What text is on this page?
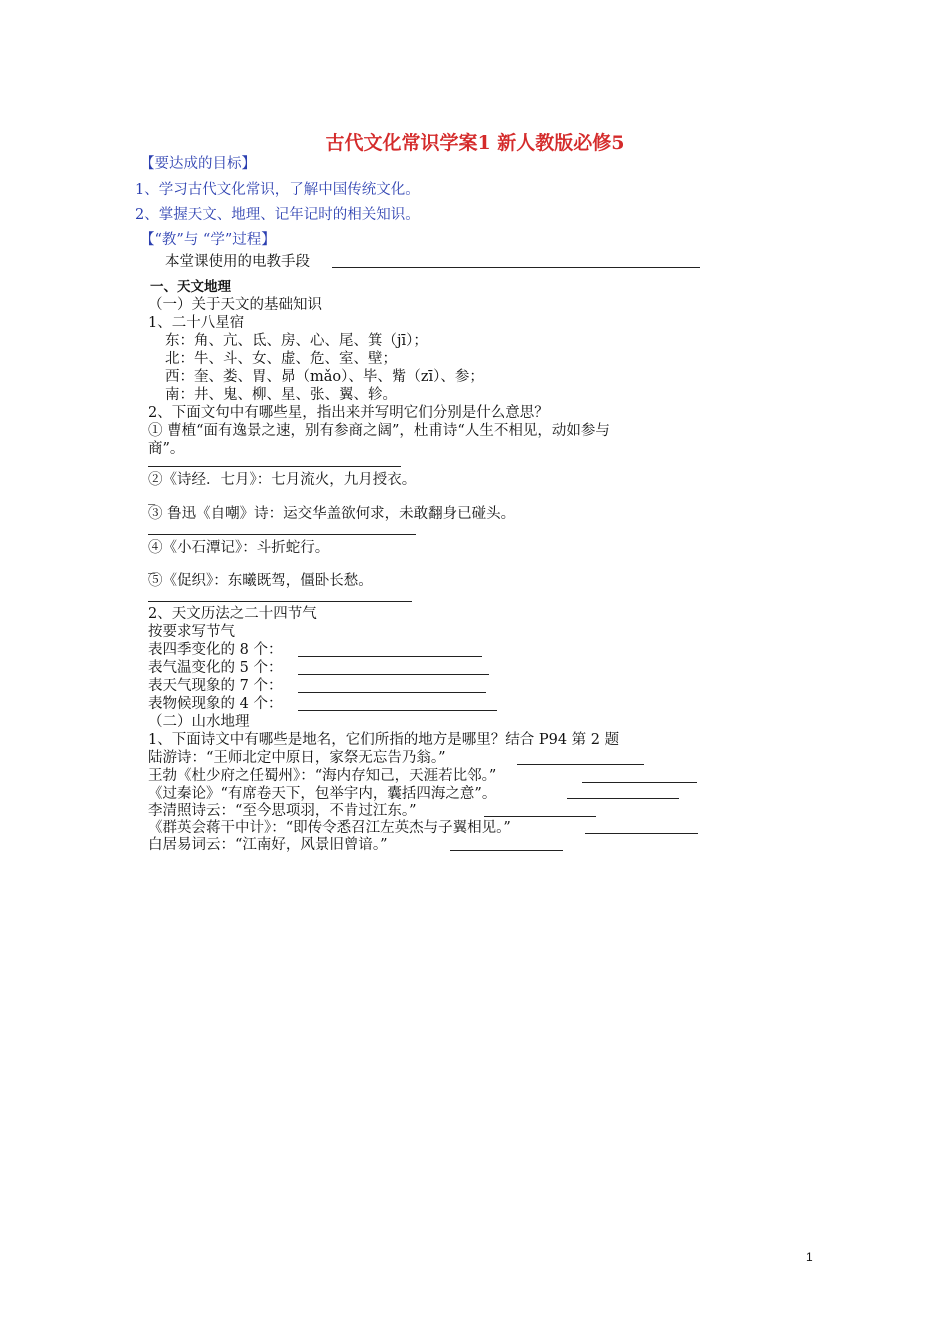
古代文化常识学案1 新人教版必修5
【要达成的目标】
1、学习古代文化常识，了解中国传统文化。
2、掌握天文、地理、记年记时的相关知识。
【“教”与 “学”过程】
本堂课使用的电教手段
一、天文地理
（一）关于天文的基础知识
1、二十八星宿
东：角、亢、氐、房、心、尾、箕（jī）；
北：牛、斗、女、虚、危、室、壁；
西：奎、娄、胃、昴（mǎo）、毕、觜（zī）、参；
南：井、鬼、柳、星、张、翼、轸。
2、下面文句中有哪些星，指出来并写明它们分别是什么意思？
① 曹植“面有逸景之速，别有参商之阔”，杜甫诗“人生不相见，动如参与
商”。
②《诗经．七月》：七月流火，九月授衣。
_
③ 鲁迅《自嘲》诗：运交华盖欲何求，未敢翻身已碰头。
④《小石潭记》：斗折蛇行。
_
⑤《促织》：东曦既驾，僵卧长愁。
2、天文历法之二十四节气
按要求写节气
表四季变化的 8 个：
表气温变化的 5 个：
表天气现象的 7 个：
表物候现象的 4 个：
（二）山水地理
1、下面诗文中有哪些是地名，它们所指的地方是哪里？结合 P94 第 2 题
陆游诗：“王师北定中原日，家祭无忘告乃翁。”
王勃《杜少府之任蜀州》：“海内存知己，天涯若比邻。”
《过秦论》“有席卷天下，包举宇内，囊括四海之意”。
李清照诗云：“至今思项羽，不肯过江东。”
《群英会蒋干中计》：“即传令悉召江左英杰与子翼相见。”
白居易词云：“江南好，风景旧曾谙。”
1
